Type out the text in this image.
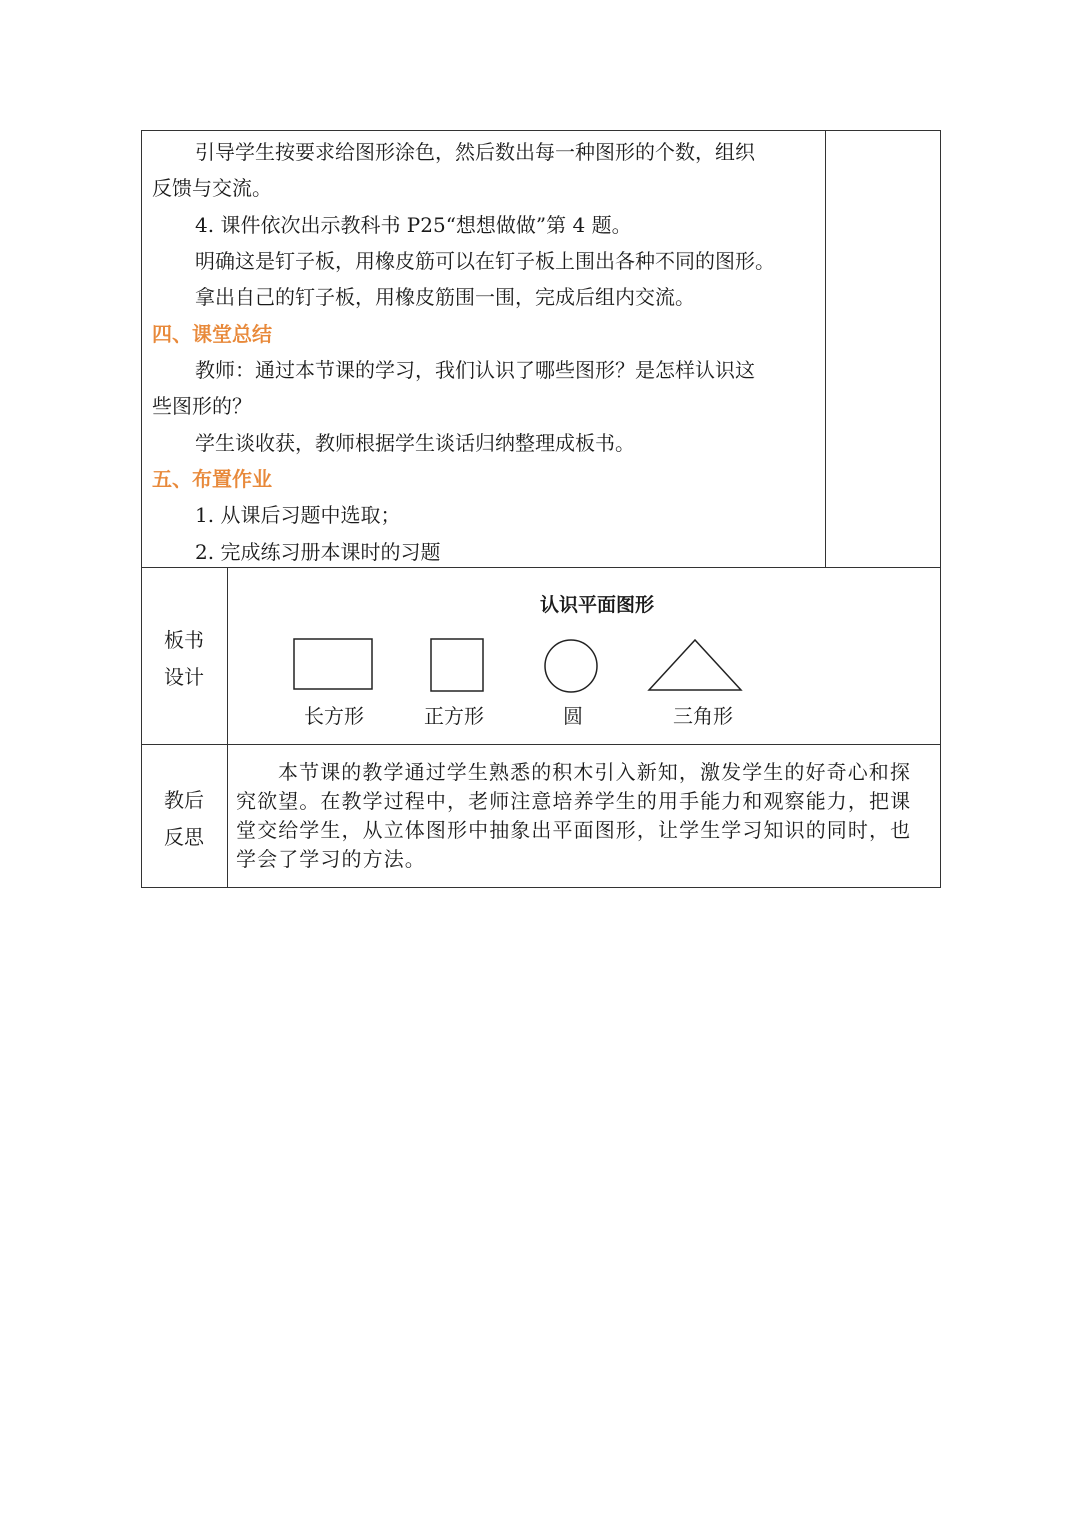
引导学生按要求给图形涂色，然后数出每一种图形的个数，组织
反馈与交流。
4. 课件依次出示教科书 P25“想想做做”第 4 题。
明确这是钉子板，用橡皮筋可以在钉子板上围出各种不同的图形。
拿出自己的钉子板，用橡皮筋围一围，完成后组内交流。
四、课堂总结
教师：通过本节课的学习，我们认识了哪些图形？是怎样认识这
些图形的？
学生谈收获，教师根据学生谈话归纳整理成板书。
五、布置作业
1. 从课后习题中选取；
2. 完成练习册本课时的习题
板书
设计
认识平面图形
长方形	正方形	圆	三角形
教后
反思
本节课的教学通过学生熟悉的积木引入新知，激发学生的好奇心和探究欲望。在教学过程中，老师注意培养学生的用手能力和观察能力，把课堂交给学生，从立体图形中抽象出平面图形，让学生学习知识的同时，也学会了学习的方法。
